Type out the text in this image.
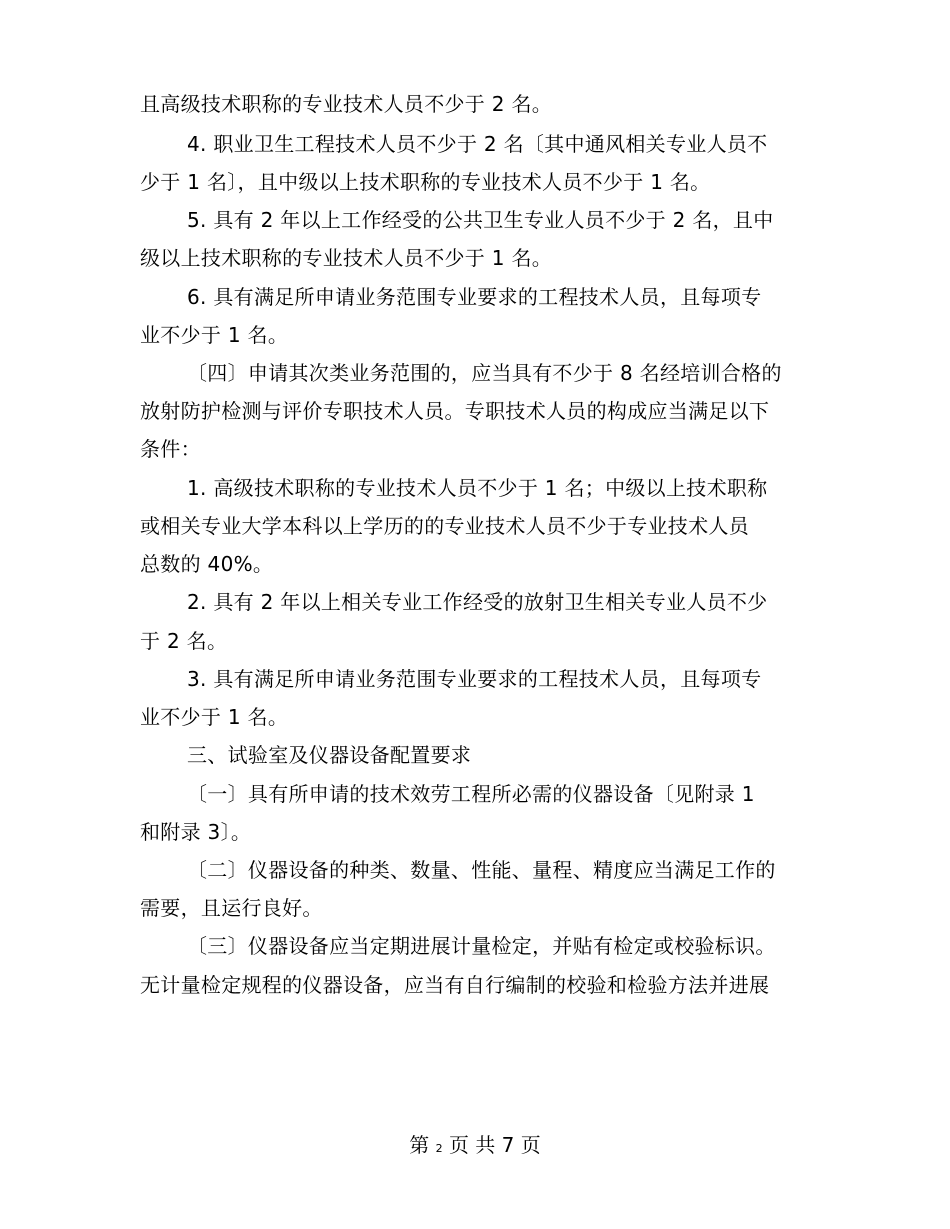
且高级技术职称的专业技术人员不少于 2 名。
4. 职业卫生工程技术人员不少于 2 名〔其中通风相关专业人员不
少于 1 名〕，且中级以上技术职称的专业技术人员不少于 1 名。
5. 具有 2 年以上工作经受的公共卫生专业人员不少于 2 名，且中
级以上技术职称的专业技术人员不少于 1 名。
6. 具有满足所申请业务范围专业要求的工程技术人员，且每项专
业不少于 1 名。
〔四〕申请其次类业务范围的，应当具有不少于 8 名经培训合格的
放射防护检测与评价专职技术人员。专职技术人员的构成应当满足以下
条件：
1. 高级技术职称的专业技术人员不少于 1 名；中级以上技术职称
或相关专业大学本科以上学历的的专业技术人员不少于专业技术人员
总数的 40%。
2. 具有 2 年以上相关专业工作经受的放射卫生相关专业人员不少
于 2 名。
3. 具有满足所申请业务范围专业要求的工程技术人员，且每项专
业不少于 1 名。
三、试验室及仪器设备配置要求
〔一〕具有所申请的技术效劳工程所必需的仪器设备〔见附录 1
和附录 3〕。
〔二〕仪器设备的种类、数量、性能、量程、精度应当满足工作的
需要，且运行良好。
〔三〕仪器设备应当定期进展计量检定，并贴有检定或校验标识。
无计量检定规程的仪器设备，应当有自行编制的校验和检验方法并进展
第 2 页 共 7 页
